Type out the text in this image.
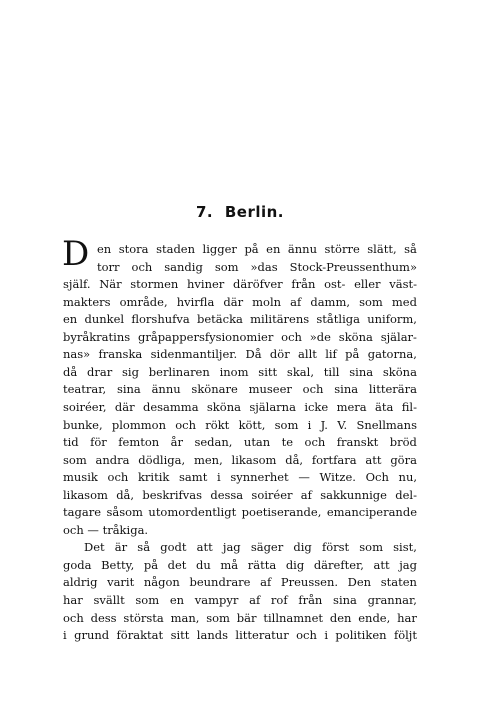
7. Berlin.
D en stora staden ligger på en ännu större slätt, så
torr och sandig som »das Stock-Preussenthum»
själf. När stormen hviner däröfver från ost- eller väst-
makters område, hvirfla där moln af damm, som med
en dunkel florshufva betäcka militärens ståtliga uniform,
byråkratins gråpappersfysionomier och »de sköna själar-
nas» franska sidenmantiljer. Då dör allt lif på gatorna,
då drar sig berlinaren inom sitt skal, till sina sköna
teatrar, sina ännu skönare museer och sina litterära
soiréer, där desamma sköna själarna icke mera äta fil-
bunke, plommon och rökt kött, som i J. V. Snellmans
tid för femton år sedan, utan te och franskt bröd
som andra dödliga, men, likasom då, fortfara att göra
musik och kritik samt i synnerhet — Witze. Och nu,
likasom då, beskrifvas dessa soiréer af sakkunnige del-
tagare såsom utomordentligt poetiserande, emanciperande
och — tråkiga.
Det är så godt att jag säger dig först som sist,
goda Betty, på det du må rätta dig därefter, att jag
aldrig varit någon beundrare af Preussen. Den staten
har svällt som en vampyr af rof från sina grannar,
och dess största man, som bär tillnamnet den ende, har
i grund föraktat sitt lands litteratur och i politiken följt
